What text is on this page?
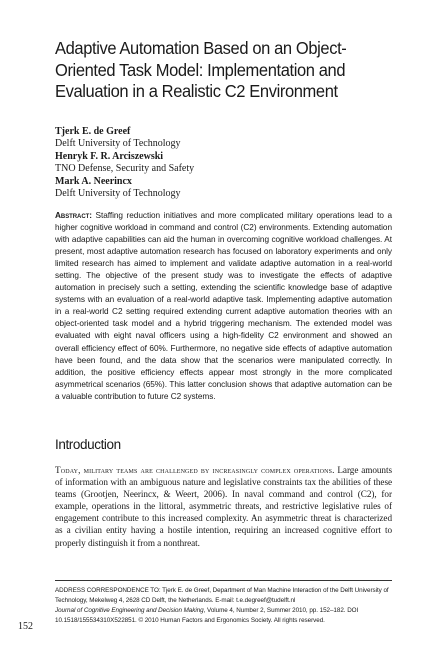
Adaptive Automation Based on an Object-Oriented Task Model: Implementation and Evaluation in a Realistic C2 Environment
Tjerk E. de Greef
Delft University of Technology
Henryk F. R. Arciszewski
TNO Defense, Security and Safety
Mark A. Neerincx
Delft University of Technology
Abstract: Staffing reduction initiatives and more complicated military operations lead to a higher cognitive workload in command and control (C2) environments. Extending automation with adaptive capabilities can aid the human in overcoming cognitive workload challenges. At present, most adaptive automation research has focused on laboratory experiments and only limited research has aimed to implement and validate adaptive automation in a real-world setting. The objective of the present study was to investigate the effects of adaptive automation in precisely such a setting, extending the scientific knowledge base of adaptive systems with an evaluation of a real-world adaptive task. Implementing adaptive automation in a real-world C2 setting required extending current adaptive automation theories with an object-oriented task model and a hybrid triggering mechanism. The extended model was evaluated with eight naval officers using a high-fidelity C2 environment and showed an overall efficiency effect of 60%. Furthermore, no negative side effects of adaptive automation have been found, and the data show that the scenarios were manipulated correctly. In addition, the positive efficiency effects appear most strongly in the more complicated asymmetrical scenarios (65%). This latter conclusion shows that adaptive automation can be a valuable contribution to future C2 systems.
Introduction
Today, military teams are challenged by increasingly complex operations. Large amounts of information with an ambiguous nature and legislative constraints tax the abilities of these teams (Grootjen, Neerincx, & Weert, 2006). In naval command and control (C2), for example, operations in the littoral, asymmetric threats, and restrictive legislative rules of engagement contribute to this increased complexity. An asymmetric threat is characterized as a civilian entity having a hostile intention, requiring an increased cognitive effort to properly distinguish it from a nonthreat.
ADDRESS CORRESPONDENCE TO: Tjerk E. de Greef, Department of Man Machine Interaction of the Delft University of Technology, Mekelweg 4, 2628 CD Delft, the Netherlands. E-mail: t.e.degreef@tudelft.nl
Journal of Cognitive Engineering and Decision Making, Volume 4, Number 2, Summer 2010, pp. 152–182. DOI 10.1518/155534310X522851. © 2010 Human Factors and Ergonomics Society. All rights reserved.
152
